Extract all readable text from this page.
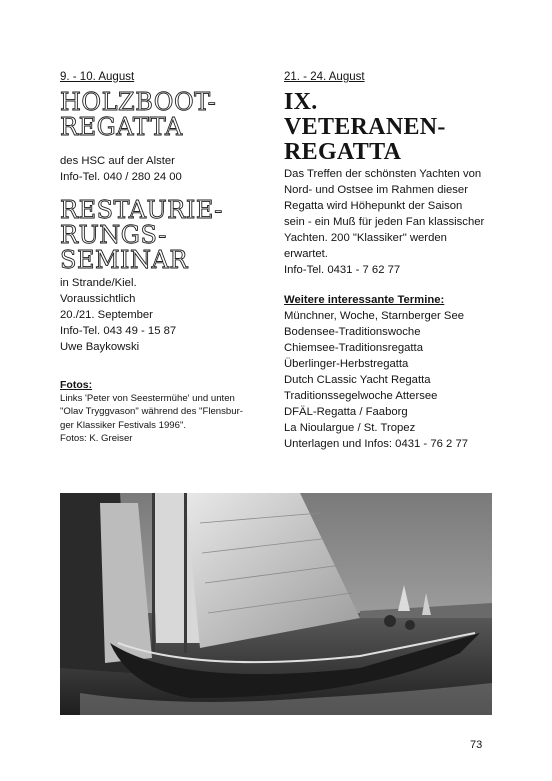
9. - 10. August

HOLZBOOT-

REGATTA

des HSC auf der Alster

Info-Tel. 040 / 280 24 00

RESTAURIE-

RUNGS-

SEMINAR

in Strande/Kiel.

Voraussichtlich

20./21. September

Info-Tel. 043 49 - 15 87

Uwe Baykowski

Fotos:

Links 'Peter von Seestermühe' und unten

"Olav Tryggvason" während des "Flensbur-

ger Klassiker Festivals 1996".

Fotos: K. Greiser

21. - 24. August

IX.

VETERANEN-

REGATTA

Das Treffen der schönsten Yachten von

Nord- und Ostsee im Rahmen dieser

Regatta wird Höhepunkt der Saison

sein - ein Muß für jeden Fan klassischer

Yachten. 200 "Klassiker" werden

erwartet.

Info-Tel. 0431 - 7 62 77

Weitere interessante Termine:

Münchner, Woche, Starnberger See

Bodensee-Traditionswoche

Chiemsee-Traditionsregatta

Überlinger-Herbstregatta

Dutch CLassic Yacht Regatta

Traditionssegelwoche Attersee

DFÄL-Regatta / Faaborg

La Nioulargue / St. Tropez

Unterlagen und Infos: 0431 - 76 2 77

73
